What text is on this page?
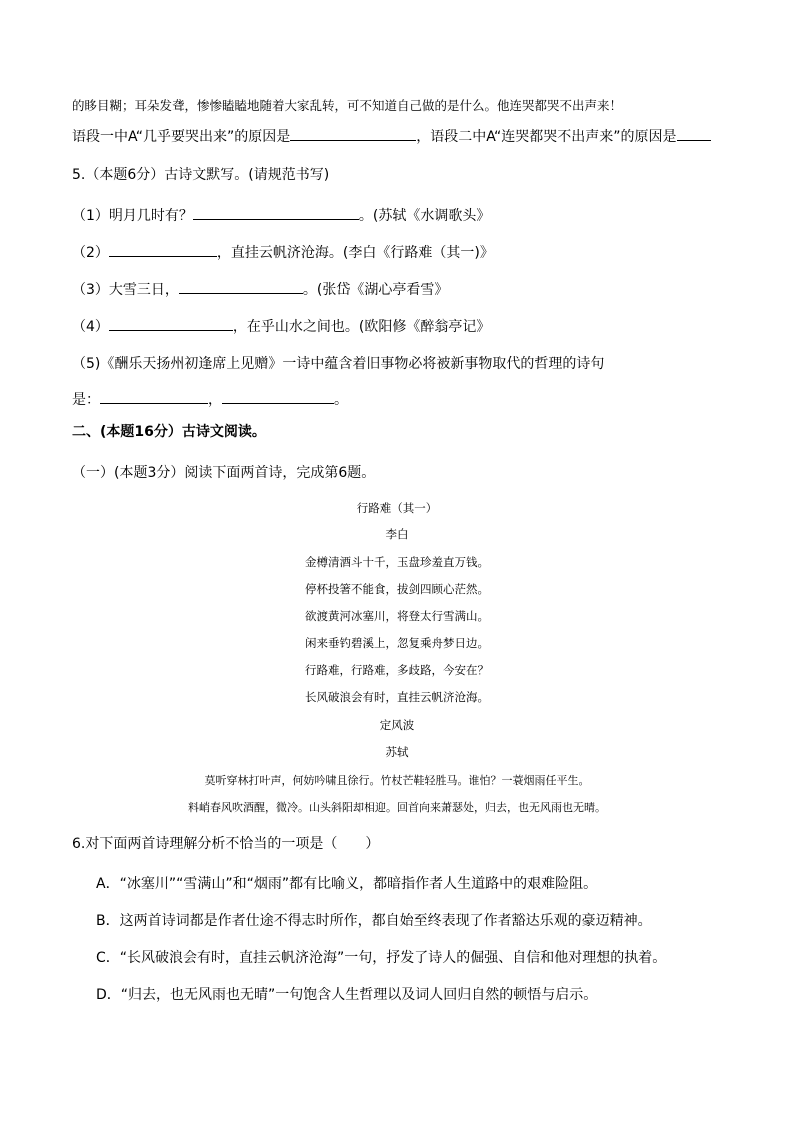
的眵目糊；耳朵发聋，惨惨瞌瞌地随着大家乱转，可不知道自己做的是什么。他连哭都哭不出声来！
语段一中A“几乎要哭出来”的原因是	，语段二中A“连哭都哭不出声来”的原因是
5.（本题6分）古诗文默写。(请规范书写)
（1）明月几时有？	。(苏轼《水调歌头》
（2）	，直挂云帆济沧海。(李白《行路难（其一)》
（3）大雪三日，	。(张岱《湖心亭看雪》
（4）	，在乎山水之间也。(欧阳修《醉翁亭记》
（5)《酬乐天扬州初逢席上见赠》一诗中蕴含着旧事物必将被新事物取代的哲理的诗句
是：	，	。
二、(本题16分）古诗文阅读。
（一）(本题3分）阅读下面两首诗，完成第6题。
行路难（其一）
李白
金樽清酒斗十千，玉盘珍羞直万钱。
停杯投箸不能食，拔剑四顾心茫然。
欲渡黄河冰塞川，将登太行雪满山。
闲来垂钓碧溪上，忽复乘舟梦日边。
行路难，行路难，多歧路，今安在？
长风破浪会有时，直挂云帆济沧海。
定风波
苏轼
莫听穿林打叶声，何妨吟啸且徐行。竹杖芒鞋轻胜马。谁怕？一蓑烟雨任平生。
料峭春风吹酒醒，微冷。山头斜阳却相迎。回首向来萧瑟处，归去，也无风雨也无晴。
6.对下面两首诗理解分析不恰当的一项是（　　）
A．“冰塞川”“雪满山”和“烟雨”都有比喻义，都暗指作者人生道路中的艰难险阻。
B．这两首诗词都是作者仕途不得志时所作，都自始至终表现了作者豁达乐观的豪迈精神。
C．“长风破浪会有时，直挂云帆济沧海”一句，抒发了诗人的倔强、自信和他对理想的执着。
D．“归去，也无风雨也无晴”一句饱含人生哲理以及词人回归自然的顿悟与启示。
